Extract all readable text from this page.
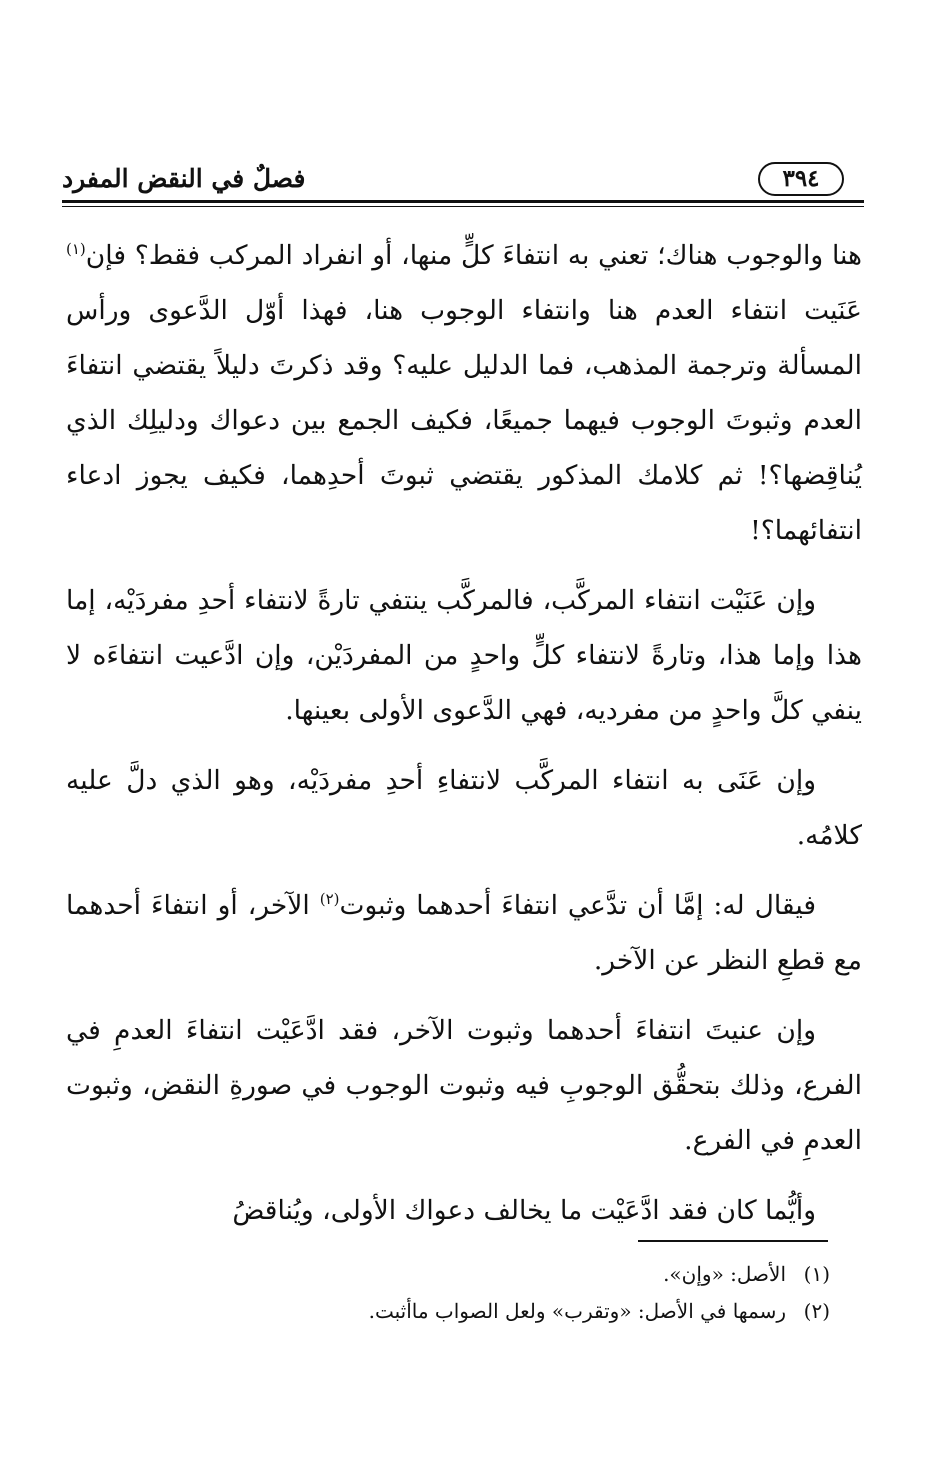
٣٩٤
فصلٌ في النقض المفرد

هنا والوجوب هناك؛ تعني به انتفاءَ كلٍّ منها، أو انفراد المركب فقط؟ فإن$^{(١)}$ عَنَيت انتفاء العدم هنا وانتفاء الوجوب هنا، فهذا أوّل الدَّعوى ورأس المسألة وترجمة المذهب، فما الدليل عليه؟ وقد ذكرتَ دليلاً يقتضي انتفاءَ العدم وثبوتَ الوجوب فيهما جميعًا، فكيف الجمع بين دعواك ودليلِك الذي يُناقِضها؟! ثم كلامك المذكور يقتضي ثبوتَ أحدِهما، فكيف يجوز ادعاء انتفائهما؟!

وإن عَنَيْت انتفاء المركَّب، فالمركَّب ينتفي تارةً لانتفاء أحدِ مفردَيْه، إما هذا وإما هذا، وتارةً لانتفاء كلٍّ واحدٍ من المفردَيْن، وإن ادَّعيت انتفاءَه لا ينفي كلَّ واحدٍ من مفرديه، فهي الدَّعوى الأولى بعينها.

وإن عَنَى به انتفاء المركَّب لانتفاءِ أحدِ مفردَيْه، وهو الذي دلَّ عليه كلامُه.

فيقال له: إمَّا أن تدَّعي انتفاءَ أحدهما وثبوت$^{(٢)}$ الآخر، أو انتفاءَ أحدهما مع قطعِ النظر عن الآخر.

وإن عنيتَ انتفاءَ أحدهما وثبوت الآخر، فقد ادَّعَيْت انتفاءَ العدمِ في الفرع، وذلك بتحقُّق الوجوبِ فيه وثبوت الوجوب في صورةِ النقض، وثبوت العدمِ في الفرع.

وأيُّما كان فقد ادَّعَيْت ما يخالف دعواك الأولى، ويُناقضُ

(١)الأصل: «وإن».
(٢)رسمها في الأصل: «وتقرب» ولعل الصواب ماأثبت.
